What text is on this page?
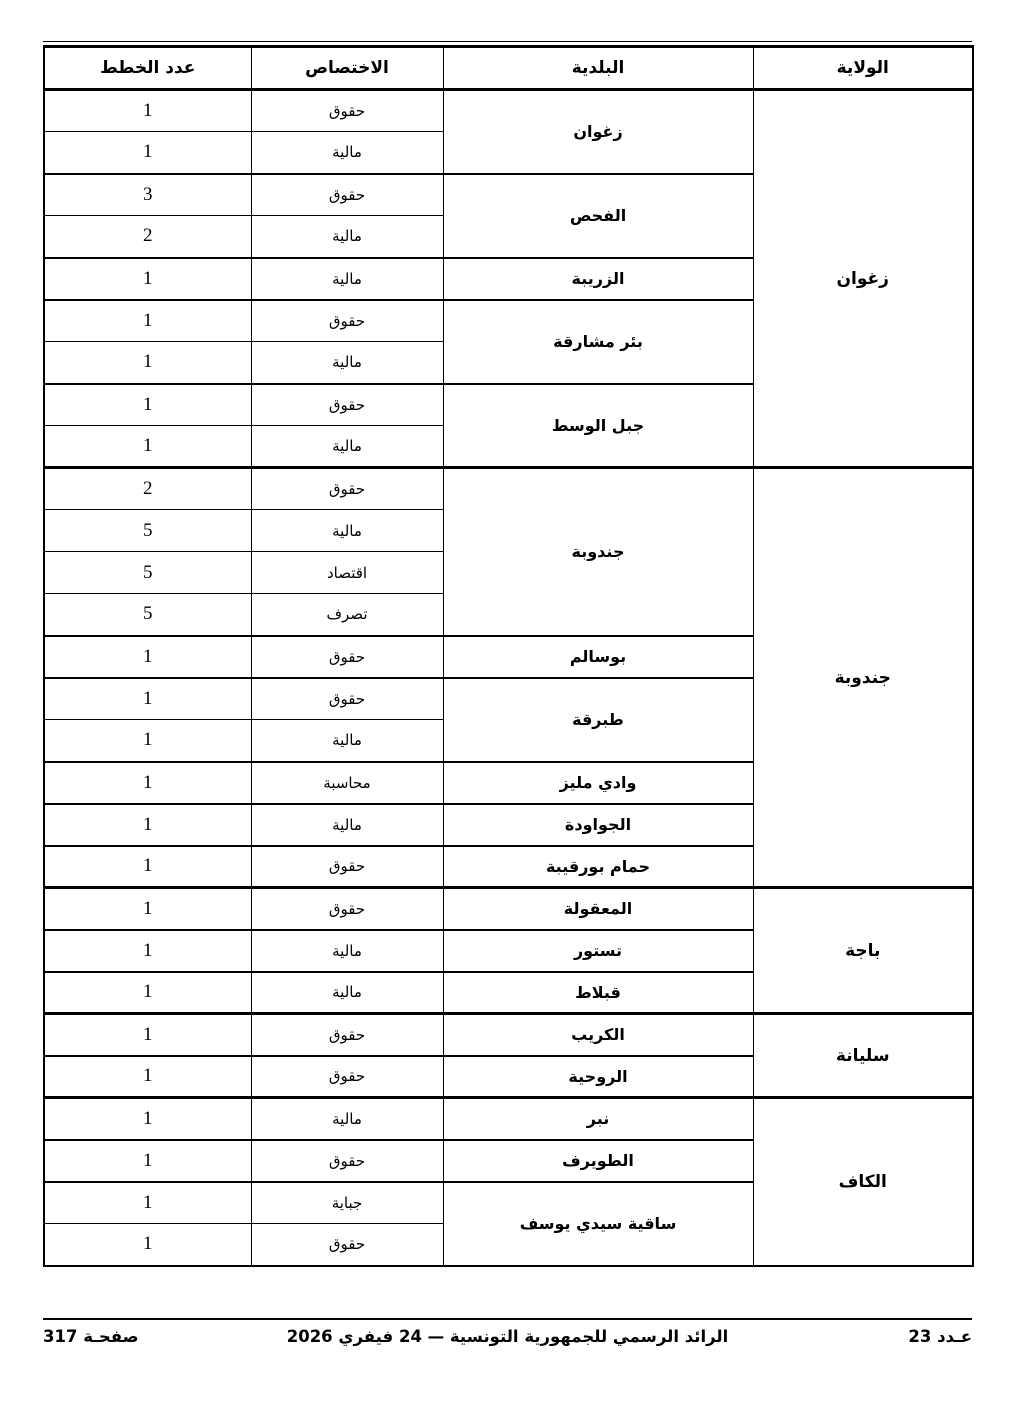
الولاية	البلدية	الاختصاص	عدد الخطط
زغوان	زغوان	حقوق	1
		مالية	1
	الفحص	حقوق	3
		مالية	2
	الزريبة	مالية	1
	بئر مشارقة	حقوق	1
		مالية	1
	جبل الوسط	حقوق	1
		مالية	1
جندوبة	جندوبة	حقوق	2
		مالية	5
		اقتصاد	5
		تصرف	5
	بوسالم	حقوق	1
	طبرقة	حقوق	1
		مالية	1
	وادي مليز	محاسبة	1
	الجواودة	مالية	1
	حمام بورقيبة	حقوق	1
باجة	المعقولة	حقوق	1
	تستور	مالية	1
	قبلاط	مالية	1
سليانة	الكريب	حقوق	1
	الروحية	حقوق	1
الكاف	نبر	مالية	1
	الطويرف	حقوق	1
	ساقية سيدي يوسف	جباية	1
		حقوق	1
عـدد 23
الرائد الرسمي للجمهورية التونسية — 24 فيفري 2026
صفحـة 317
